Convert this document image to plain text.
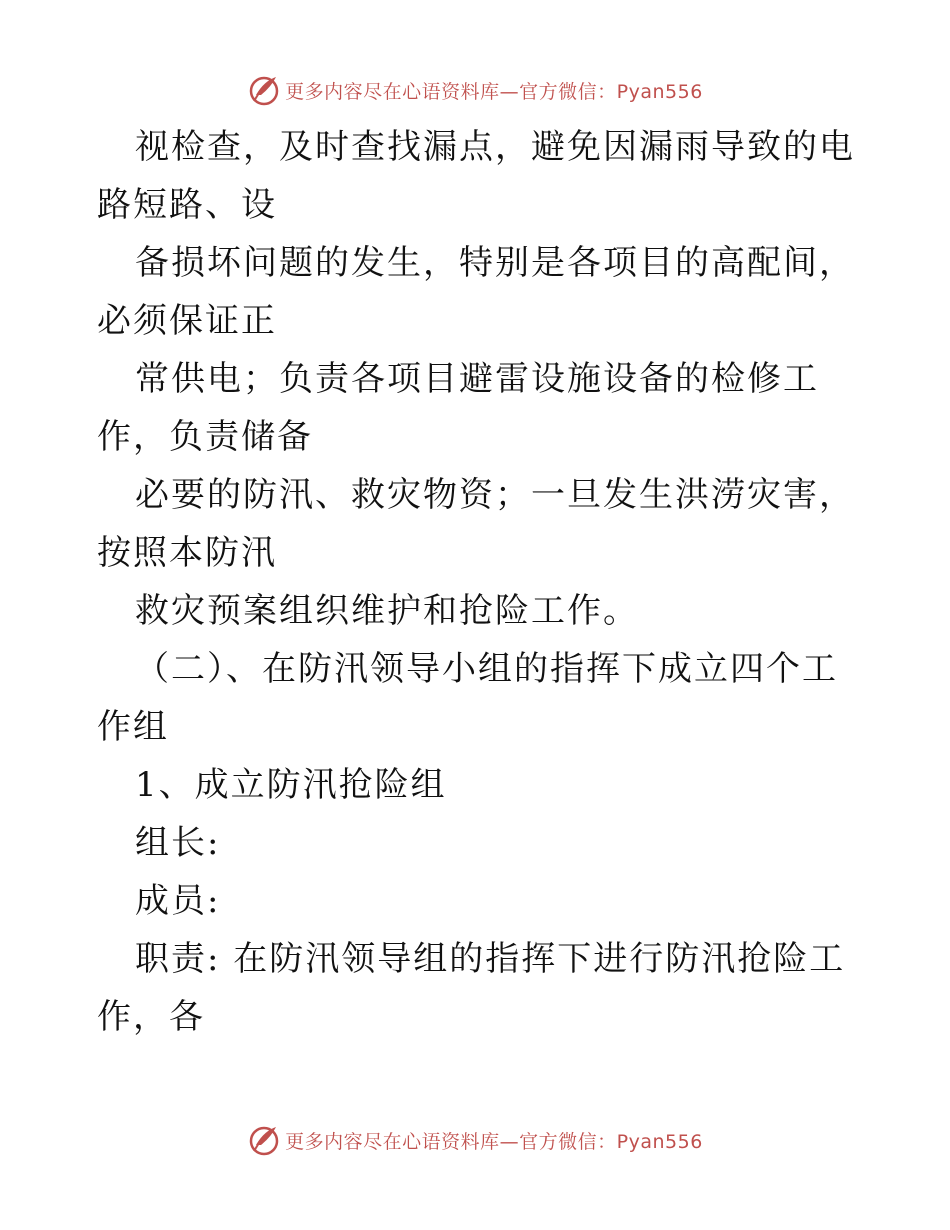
更多内容尽在心语资料库—官方微信：Pyan556

视检查，及时查找漏点，避免因漏雨导致的电路短路、设

备损坏问题的发生，特别是各项目的高配间，必须保证正

常供电；负责各项目避雷设施设备的检修工作，负责储备

必要的防汛、救灾物资；一旦发生洪涝灾害，按照本防汛

救灾预案组织维护和抢险工作。

（二）、在防汛领导小组的指挥下成立四个工作组

1、成立防汛抢险组

组长:

成员:

职责: 在防汛领导组的指挥下进行防汛抢险工作，各

更多内容尽在心语资料库—官方微信：Pyan556
